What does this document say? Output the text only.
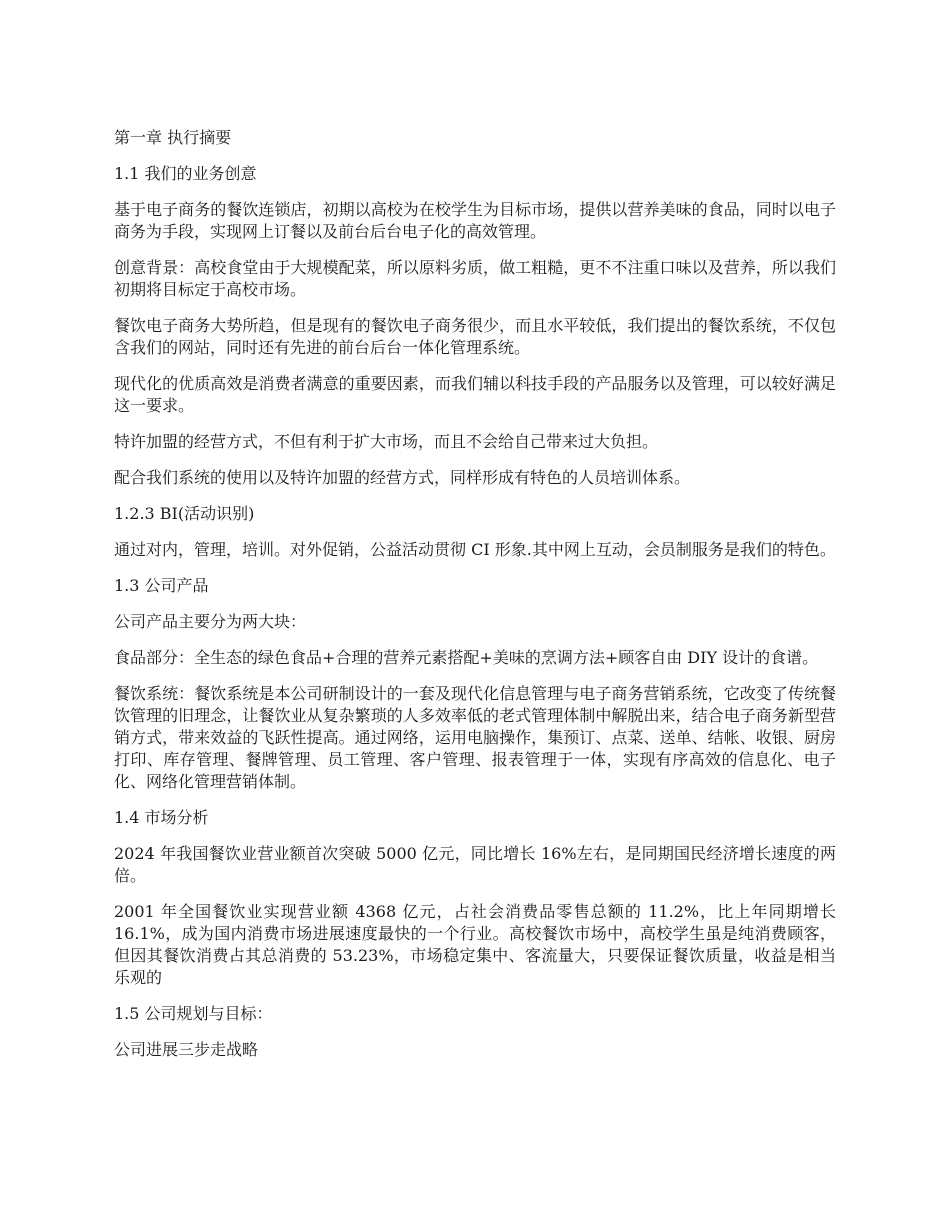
第一章 执行摘要

1.1 我们的业务创意

基于电子商务的餐饮连锁店，初期以高校为在校学生为目标市场，提供以营养美味的食品，同时以电子商务为手段，实现网上订餐以及前台后台电子化的高效管理。

创意背景：高校食堂由于大规模配菜，所以原料劣质，做工粗糙，更不不注重口味以及营养，所以我们初期将目标定于高校市场。

餐饮电子商务大势所趋，但是现有的餐饮电子商务很少，而且水平较低，我们提出的餐饮系统，不仅包含我们的网站，同时还有先进的前台后台一体化管理系统。

现代化的优质高效是消费者满意的重要因素，而我们辅以科技手段的产品服务以及管理，可以较好满足这一要求。

特许加盟的经营方式，不但有利于扩大市场，而且不会给自己带来过大负担。

配合我们系统的使用以及特许加盟的经营方式，同样形成有特色的人员培训体系。

1.2.3 BI(活动识别)

通过对内，管理，培训。对外促销，公益活动贯彻 CI 形象.其中网上互动，会员制服务是我们的特色。

1.3 公司产品

公司产品主要分为两大块：

食品部分：全生态的绿色食品+合理的营养元素搭配+美味的烹调方法+顾客自由 DIY 设计的食谱。

餐饮系统：餐饮系统是本公司研制设计的一套及现代化信息管理与电子商务营销系统，它改变了传统餐饮管理的旧理念，让餐饮业从复杂繁琐的人多效率低的老式管理体制中解脱出来，结合电子商务新型营销方式，带来效益的飞跃性提高。通过网络，运用电脑操作，集预订、点菜、送单、结帐、收银、厨房打印、库存管理、餐牌管理、员工管理、客户管理、报表管理于一体，实现有序高效的信息化、电子化、网络化管理营销体制。

1.4 市场分析

2024 年我国餐饮业营业额首次突破 5000 亿元，同比增长 16%左右，是同期国民经济增长速度的两倍。

2001 年全国餐饮业实现营业额 4368 亿元，占社会消费品零售总额的 11.2%，比上年同期增长 16.1%，成为国内消费市场进展速度最快的一个行业。高校餐饮市场中，高校学生虽是纯消费顾客，但因其餐饮消费占其总消费的 53.23%，市场稳定集中、客流量大，只要保证餐饮质量，收益是相当乐观的

1.5 公司规划与目标：

公司进展三步走战略
